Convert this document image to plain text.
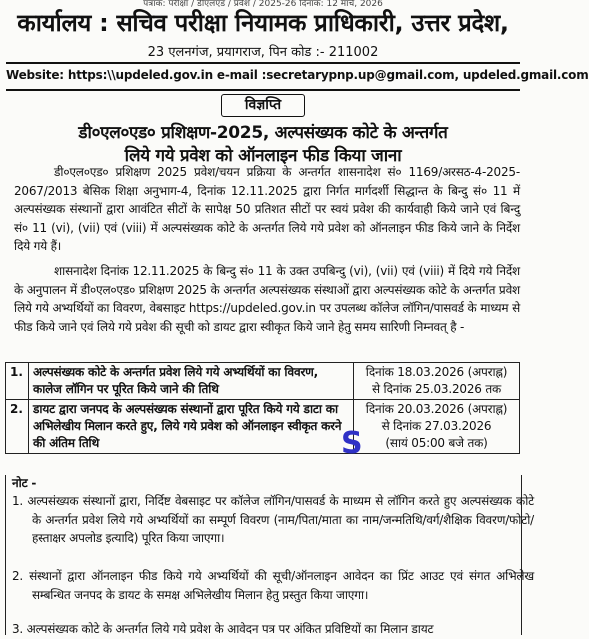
पत्रांक: परीक्षा / डीएलएड / प्रवेश / 2025-26 दिनांक: 12 मार्च, 2026
कार्यालय : सचिव परीक्षा नियामक प्राधिकारी, उत्तर प्रदेश,
23 एलनगंज, प्रयागराज, पिन कोड :- 211002
Website: https:\\updeled.gov.in e-mail :secretarypnp.up@gmail.com, updeled.gmail.com
विज्ञप्ति
डी०एल०एड० प्रशिक्षण-2025, अल्पसंख्यक कोटे के अन्तर्गत
लिये गये प्रवेश को ऑनलाइन फीड किया जाना
डी०एल०एड० प्रशिक्षण 2025 प्रवेश/चयन प्रक्रिया के अन्तर्गत शासनादेश सं० 1169/अरसठ-4-2025-2067/2013 बेसिक शिक्षा अनुभाग-4, दिनांक 12.11.2025 द्वारा निर्गत मार्गदर्शी सिद्धान्त के बिन्दु सं० 11 में अल्पसंख्यक संस्थानों द्वारा आवंटित सीटों के सापेक्ष 50 प्रतिशत सीटों पर स्वयं प्रवेश की कार्यवाही किये जाने एवं बिन्दु सं० 11 (vi), (vii) एवं (viii) में अल्पसंख्यक कोटे के अन्तर्गत लिये गये प्रवेश को ऑनलाइन फीड किये जाने के निर्देश दिये गये हैं।
शासनादेश दिनांक 12.11.2025 के बिन्दु सं० 11 के उक्त उपबिन्दु (vi), (vii) एवं (viii) में दिये गये निर्देश के अनुपालन में डी०एल०एड० प्रशिक्षण 2025 के अन्तर्गत अल्पसंख्यक संस्थाओं द्वारा अल्पसंख्यक कोटे के अन्तर्गत प्रवेश लिये गये अभ्यर्थियों का विवरण, वेबसाइट https://updeled.gov.in पर उपलब्ध कॉलेज लॉगिन/पासवर्ड के माध्यम से फीड किये जाने एवं लिये गये प्रवेश की सूची को डायट द्वारा स्वीकृत किये जाने हेतु समय सारिणी निम्नवत् है -
1.	अल्पसंख्यक कोटे के अन्तर्गत प्रवेश लिये गये अभ्यर्थियों का विवरण, कालेज लॉगिन पर पूरित किये जाने की तिथि	दिनांक 18.03.2026 (अपराह्न)
से दिनांक 25.03.2026 तक

2.	डायट द्वारा जनपद के अल्पसंख्यक संस्थानों द्वारा पूरित किये गये डाटा का अभिलेखीय मिलान करते हुए, लिये गये प्रवेश को ऑनलाइन स्वीकृत करने की अंतिम तिथि	दिनांक 20.03.2026 (अपराह्न)
से दिनांक 27.03.2026
(सायं 05:00 बजे तक)
S
नोट -
1. अल्पसंख्यक संस्थानों द्वारा, निर्दिष्ट वेबसाइट पर कॉलेज लॉगिन/पासवर्ड के माध्यम से लॉगिन करते हुए अल्पसंख्यक कोटे के अन्तर्गत प्रवेश लिये गये अभ्यर्थियों का सम्पूर्ण विवरण (नाम/पिता/माता का नाम/जन्मतिथि/वर्ग/शैक्षिक विवरण/फोटो/हस्ताक्षर अपलोड इत्यादि) पूरित किया जाएगा।
2. संस्थानों द्वारा ऑनलाइन फीड किये गये अभ्यर्थियों की सूची/ऑनलाइन आवेदन का प्रिंट आउट एवं संगत अभिलेख सम्बन्धित जनपद के डायट के समक्ष अभिलेखीय मिलान हेतु प्रस्तुत किया जाएगा।
3. अल्पसंख्यक कोटे के अन्तर्गत लिये गये प्रवेश के आवेदन पत्र पर अंकित प्रविष्टियों का मिलान डायट
